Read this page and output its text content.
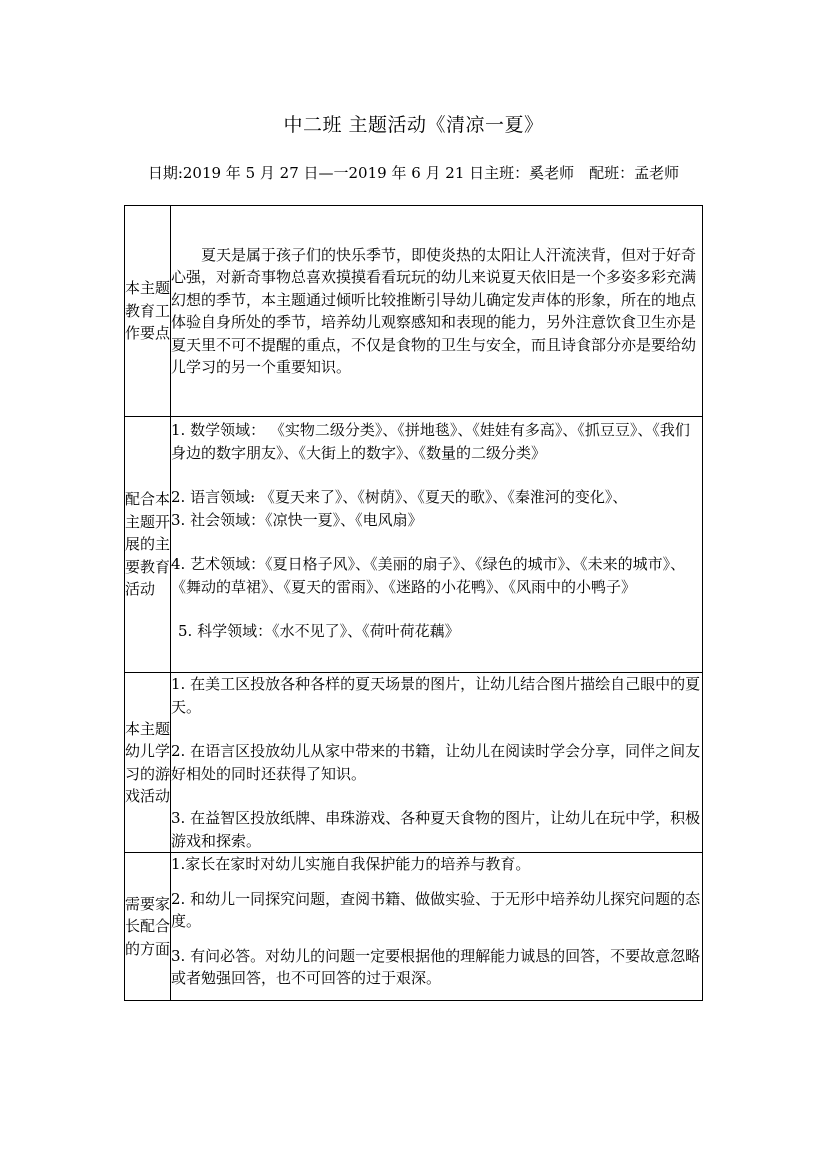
中二班 主题活动《清凉一夏》
日期:2019 年 5 月 27 日—一2019 年 6 月 21 日主班：奚老师　配班：孟老师
本主题教育工作要点	夏天是属于孩子们的快乐季节，即使炎热的太阳让人汗流浃背，但对于好奇心强，对新奇事物总喜欢摸摸看看玩玩的幼儿来说夏天依旧是一个多姿多彩充满幻想的季节，本主题通过倾听比较推断引导幼儿确定发声体的形象，所在的地点体验自身所处的季节，培养幼儿观察感知和表现的能力，另外注意饮食卫生亦是夏天里不可不提醒的重点，不仅是食物的卫生与安全，而且诗食部分亦是要给幼儿学习的另一个重要知识。

配合本主题开展的主要教育活动	1. 数学领域： 《实物二级分类》、《拼地毯》、《娃娃有多高》、《抓豆豆》、《我们身边的数字朋友》、《大街上的数字》、《数量的二级分类》

2. 语言领域: 《夏天来了》、《树荫》、《夏天的歌》、《秦淮河的变化》、

3. 社会领域：《凉快一夏》、《电风扇》

4. 艺术领域：《夏日格子风》、《美丽的扇子》、《绿色的城市》、《未来的城市》、《舞动的草裙》、《夏天的雷雨》、《迷路的小花鸭》、《风雨中的小鸭子》

5. 科学领域：《水不见了》、《荷叶荷花藕》

本主题幼儿学习的游戏活动	1. 在美工区投放各种各样的夏天场景的图片，让幼儿结合图片描绘自己眼中的夏天。

2. 在语言区投放幼儿从家中带来的书籍，让幼儿在阅读时学会分享，同伴之间友好相处的同时还获得了知识。

3. 在益智区投放纸牌、串珠游戏、各种夏天食物的图片，让幼儿在玩中学，积极游戏和探索。

需要家长配合的方面	1.家长在家时对幼儿实施自我保护能力的培养与教育。

2. 和幼儿一同探究问题，查阅书籍、做做实验、于无形中培养幼儿探究问题的态度。

3. 有问必答。对幼儿的问题一定要根据他的理解能力诚恳的回答，不要故意忽略或者勉强回答，也不可回答的过于艰深。
